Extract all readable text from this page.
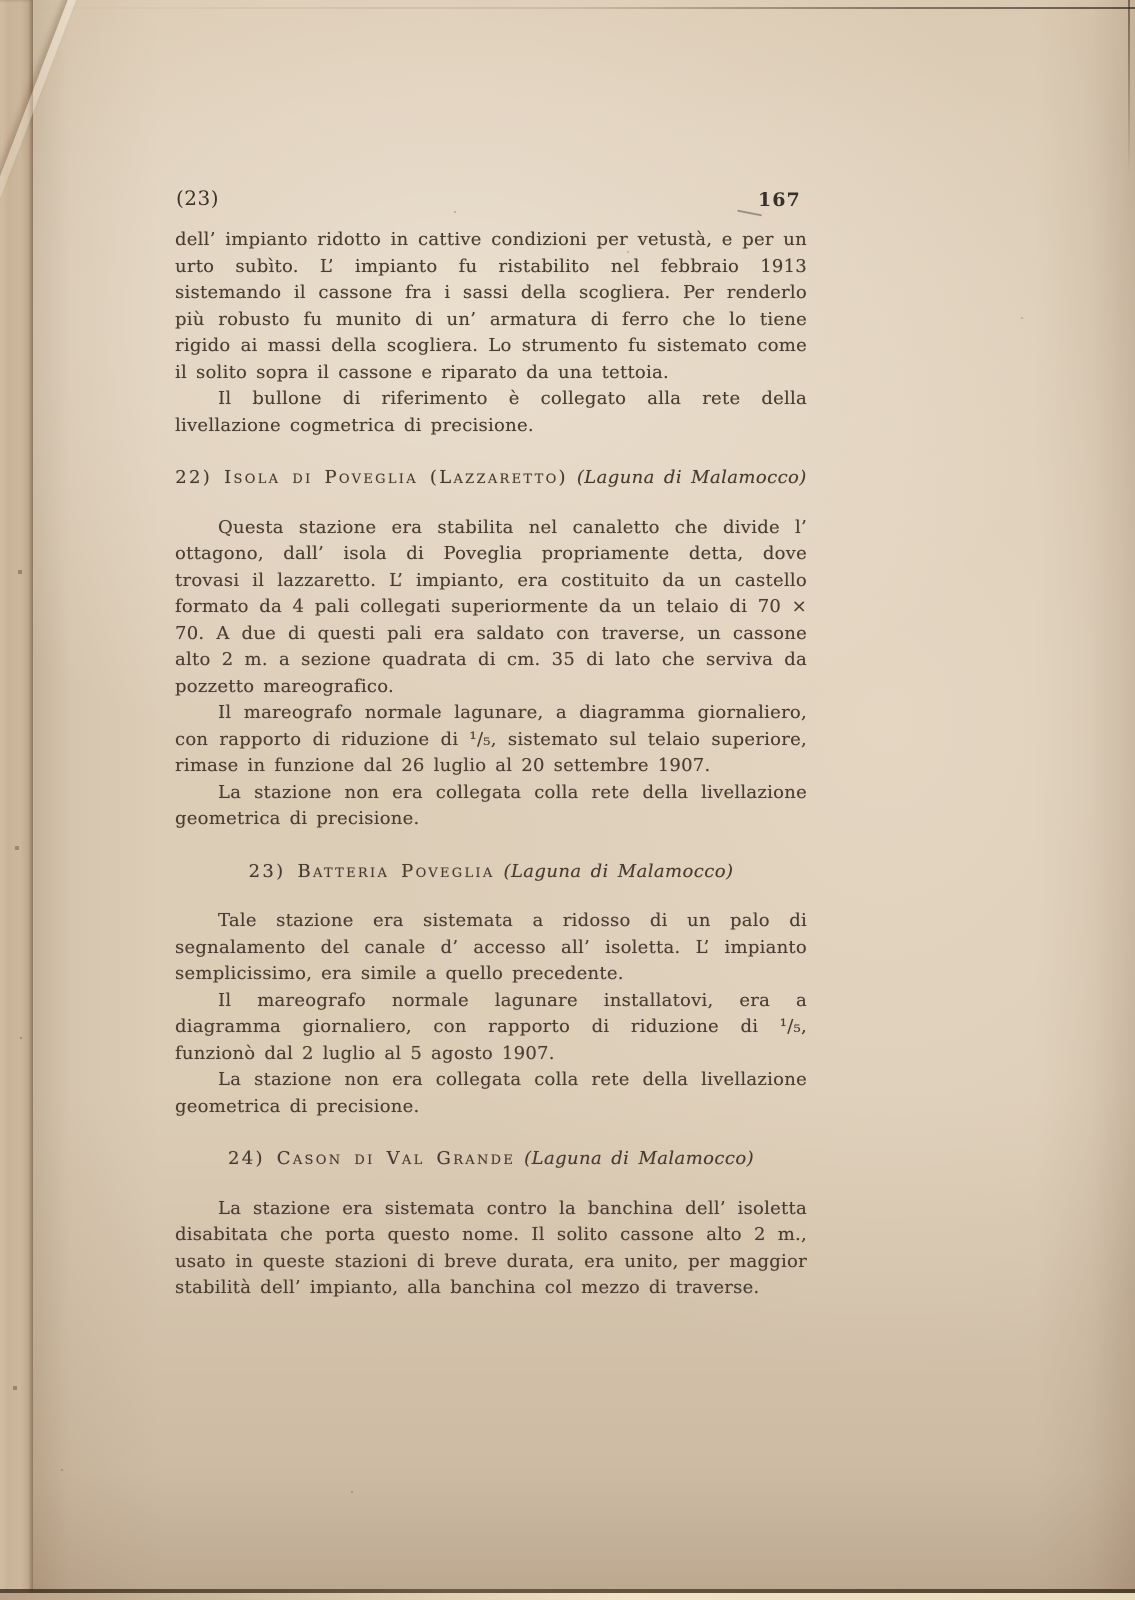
(23)	167

dell’ impianto ridotto in cattive condizioni per vetustà, e per un urto subìto. L’ impianto fu ristabilito nel febbraio 1913 sistemando il cassone fra i sassi della scogliera. Per renderlo più robusto fu munito di un’ armatura di ferro che lo tiene rigido ai massi della scogliera. Lo strumento fu sistemato come il solito sopra il cassone e riparato da una tettoia.

Il bullone di riferimento è collegato alla rete della livellazione cogmetrica di precisione.

22) Isola di Poveglia (Lazzaretto) (Laguna di Malamocco)

Questa stazione era stabilita nel canaletto che divide l’ ottagono, dall’ isola di Poveglia propriamente detta, dove trovasi il lazzaretto. L’ impianto, era costituito da un castello formato da 4 pali collegati superiormente da un telaio di 70 × 70. A due di questi pali era saldato con traverse, un cassone alto 2 m. a sezione quadrata di cm. 35 di lato che serviva da pozzetto mareografico.

Il mareografo normale lagunare, a diagramma giornaliero, con rapporto di riduzione di ¹/₅, sistemato sul telaio superiore, rimase in funzione dal 26 luglio al 20 settembre 1907.

La stazione non era collegata colla rete della livellazione geometrica di precisione.

23) Batteria Poveglia (Laguna di Malamocco)

Tale stazione era sistemata a ridosso di un palo di segnalamento del canale d’ accesso all’ isoletta. L’ impianto semplicissimo, era simile a quello precedente.

Il mareografo normale lagunare installatovi, era a diagramma giornaliero, con rapporto di riduzione di ¹/₅, funzionò dal 2 luglio al 5 agosto 1907.

La stazione non era collegata colla rete della livellazione geometrica di precisione.

24) Cason di Val Grande (Laguna di Malamocco)

La stazione era sistemata contro la banchina dell’ isoletta disabitata che porta questo nome. Il solito cassone alto 2 m., usato in queste stazioni di breve durata, era unito, per maggior stabilità dell’ impianto, alla banchina col mezzo di traverse.
